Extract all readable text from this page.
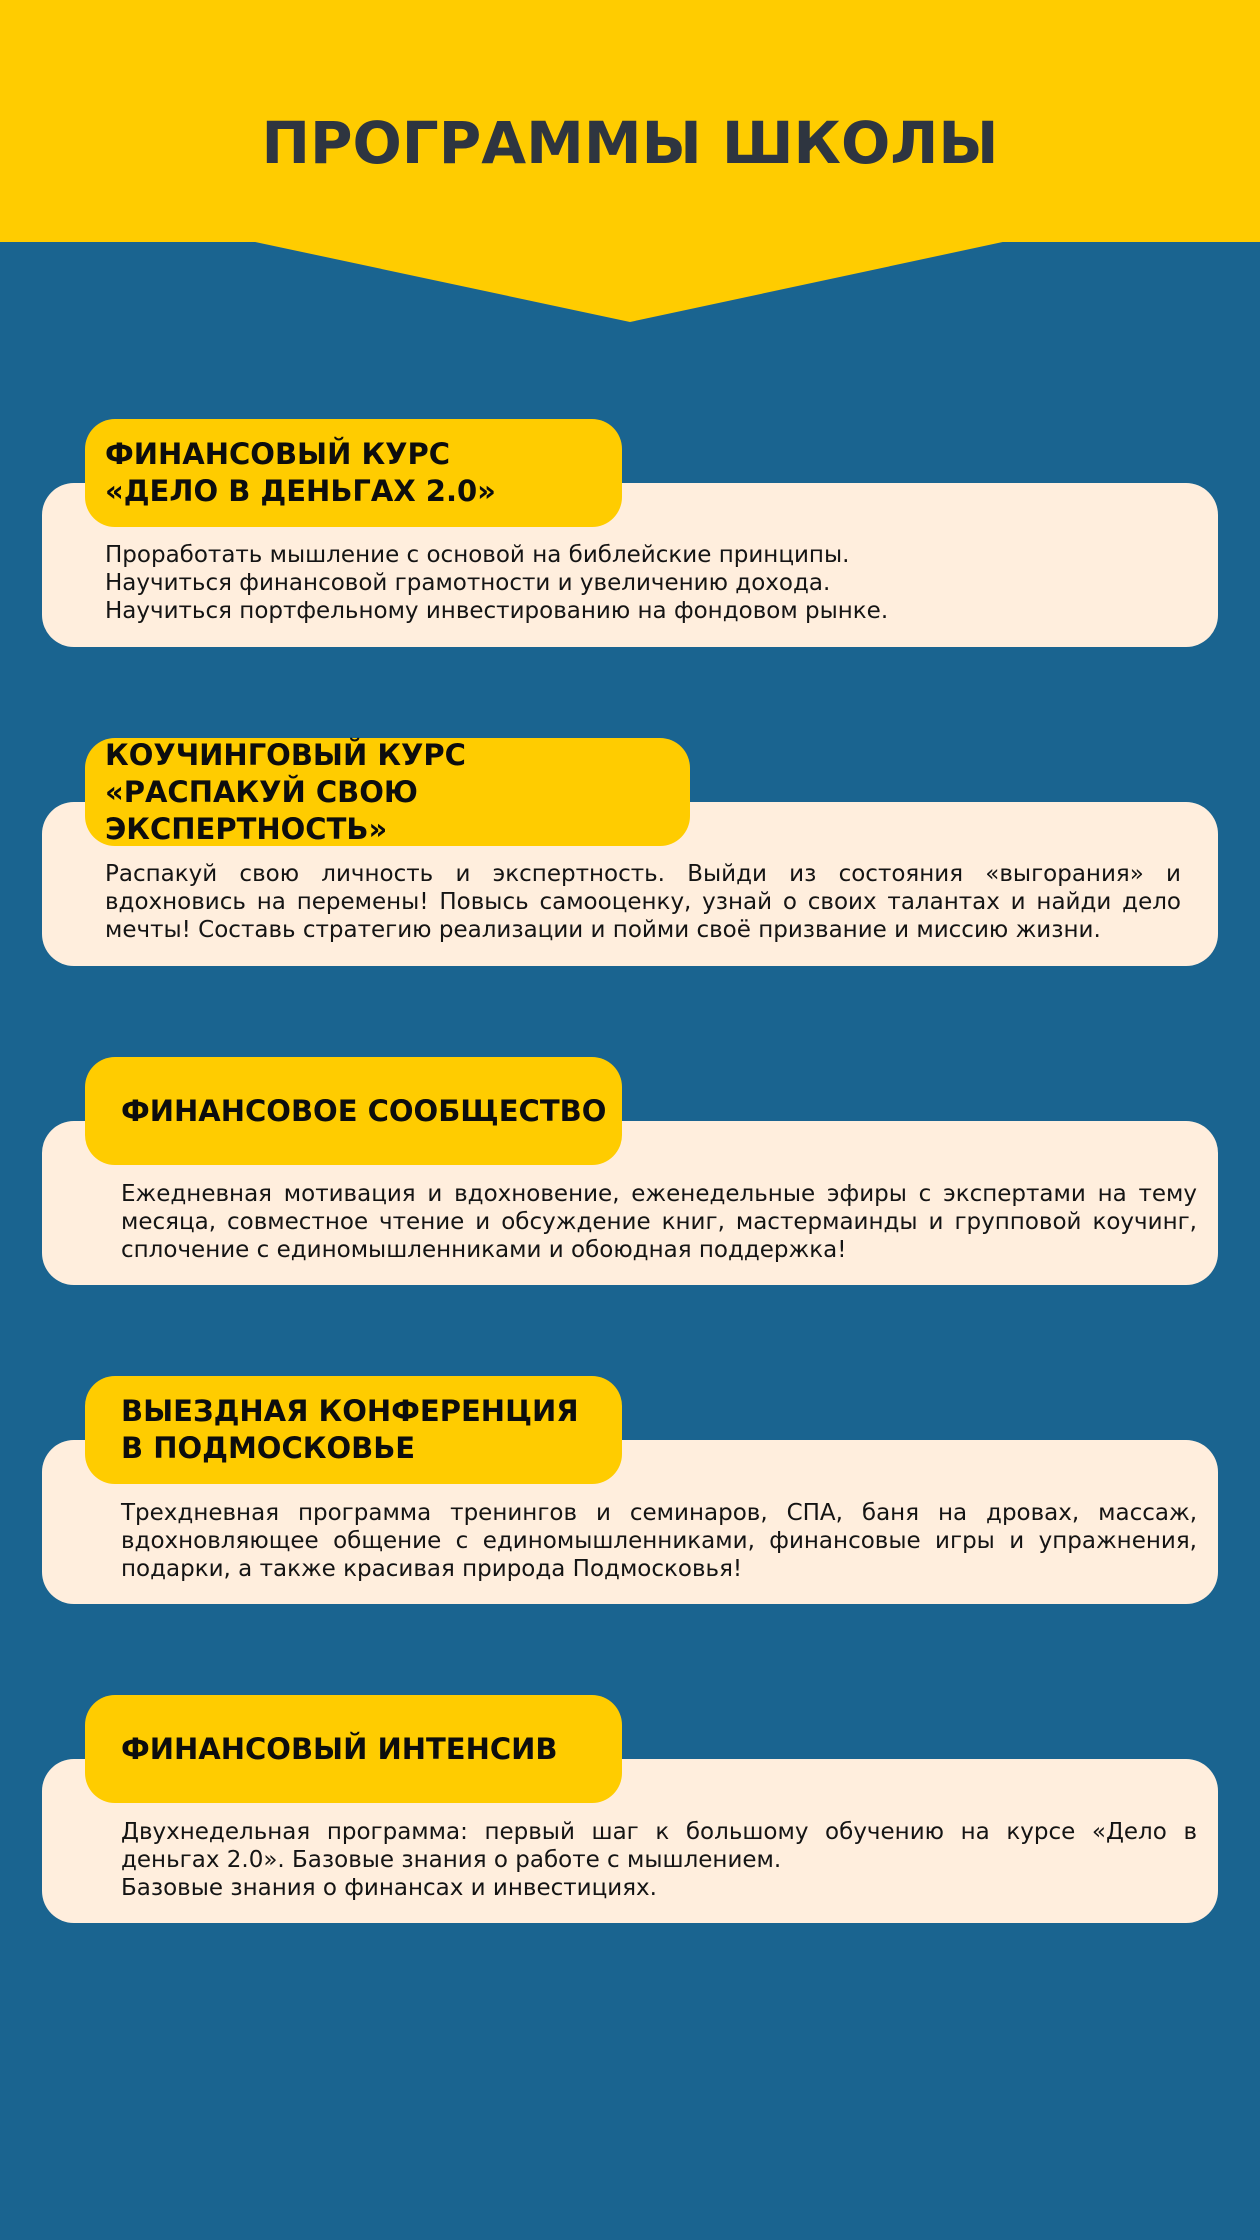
ПРОГРАММЫ ШКОЛЫ
ФИНАНСОВЫЙ КУРС
«ДЕЛО В ДЕНЬГАХ 2.0»

Проработать мышление с основой на библейские принципы.
Научиться финансовой грамотности и увеличению дохода.
Научиться портфельному инвестированию на фондовом рынке.

КОУЧИНГОВЫЙ КУРС
«РАСПАКУЙ СВОЮ ЭКСПЕРТНОСТЬ»

Распакуй свою личность и экспертность. Выйди из состояния «выгорания» и вдохновись на перемены! Повысь самооценку, узнай о своих талантах и найди дело мечты! Составь стратегию реализации и пойми своё призвание и миссию жизни.

ФИНАНСОВОЕ СООБЩЕСТВО

Ежедневная мотивация и вдохновение, еженедельные эфиры с экспертами на тему месяца, совместное чтение и обсуждение книг, мастермаинды и групповой коучинг, сплочение с единомышленниками и обоюдная поддержка!

ВЫЕЗДНАЯ КОНФЕРЕНЦИЯ
В ПОДМОСКОВЬЕ

Трехдневная программа тренингов и семинаров, СПА, баня на дровах, массаж, вдохновляющее общение с единомышленниками, финансовые игры и упражнения, подарки, а также красивая природа Подмосковья!

ФИНАНСОВЫЙ ИНТЕНСИВ

Двухнедельная программа: первый шаг к большому обучению на курсе «Дело в деньгах 2.0». Базовые знания о работе с мышлением.
Базовые знания о финансах и инвестициях.
